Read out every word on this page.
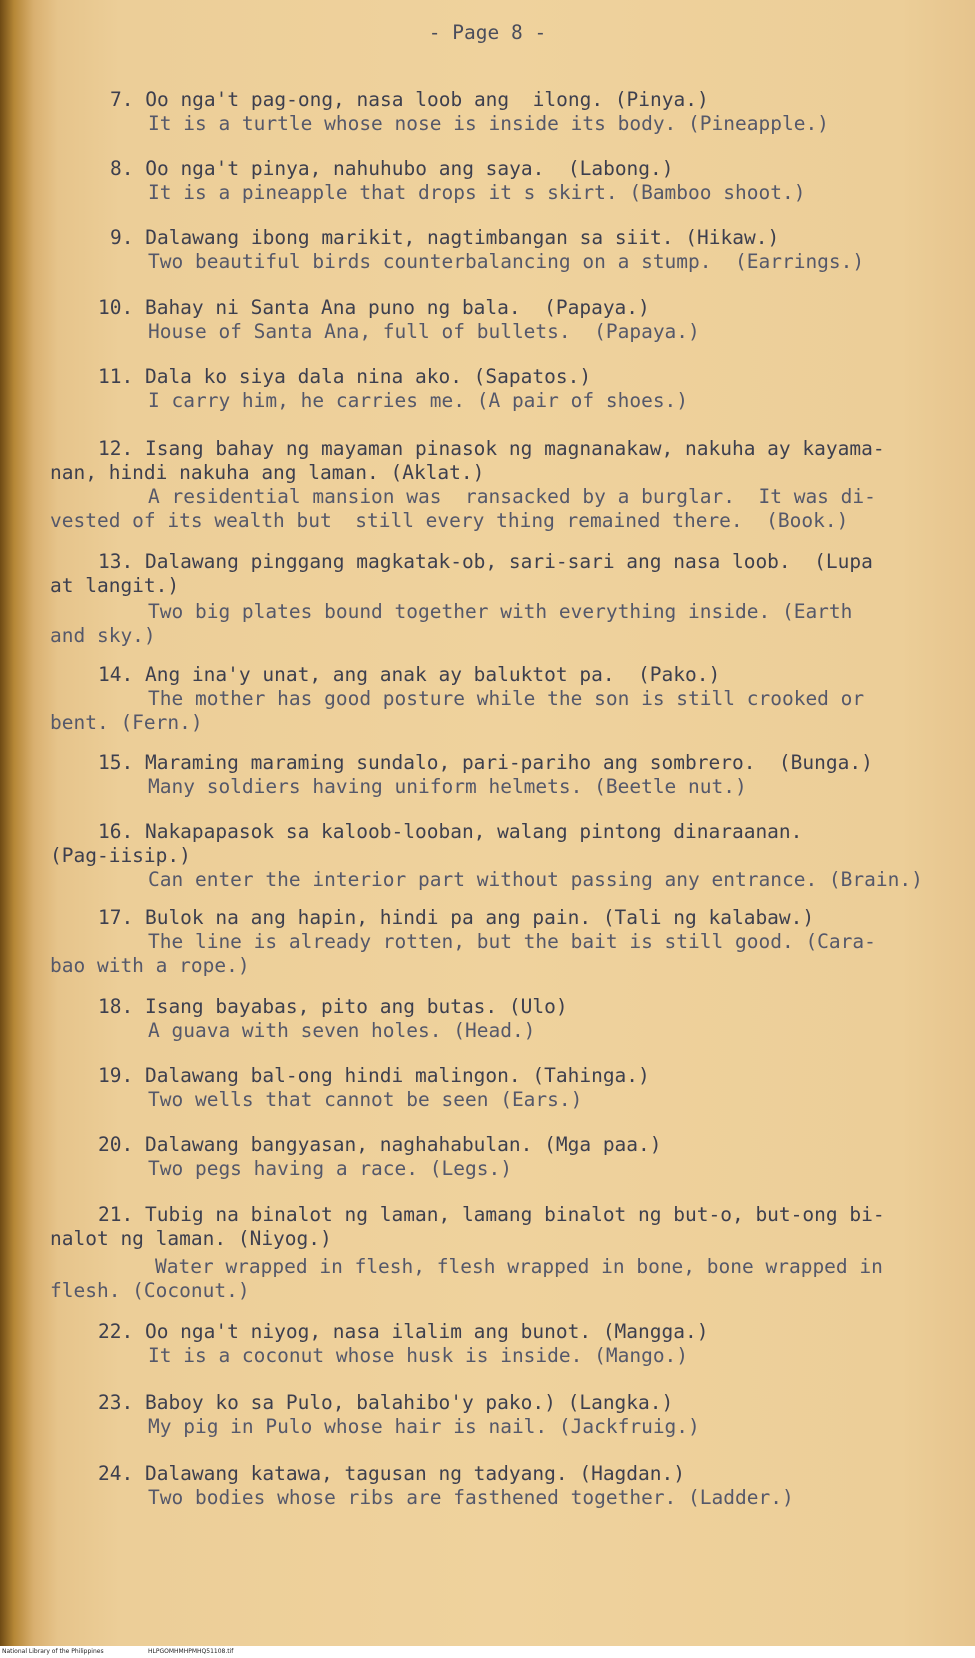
- Page 8 -
7. Oo nga't pag-ong, nasa loob ang  ilong. (Pinya.)
It is a turtle whose nose is inside its body. (Pineapple.)
8. Oo nga't pinya, nahuhubo ang saya.  (Labong.)
It is a pineapple that drops it s skirt. (Bamboo shoot.)
9. Dalawang ibong marikit, nagtimbangan sa siit. (Hikaw.)
Two beautiful birds counterbalancing on a stump.  (Earrings.)
10. Bahay ni Santa Ana puno ng bala.  (Papaya.)
House of Santa Ana, full of bullets.  (Papaya.)
11. Dala ko siya dala nina ako. (Sapatos.)
I carry him, he carries me. (A pair of shoes.)
12. Isang bahay ng mayaman pinasok ng magnanakaw, nakuha ay kayama-
nan, hindi nakuha ang laman. (Aklat.)
A residential mansion was  ransacked by a burglar.  It was di-
vested of its wealth but  still every thing remained there.  (Book.)
13. Dalawang pinggang magkatak-ob, sari-sari ang nasa loob.  (Lupa
at langit.)
Two big plates bound together with everything inside. (Earth
and sky.)
14. Ang ina'y unat, ang anak ay baluktot pa.  (Pako.)
The mother has good posture while the son is still crooked or
bent. (Fern.)
15. Maraming maraming sundalo, pari-pariho ang sombrero.  (Bunga.)
Many soldiers having uniform helmets. (Beetle nut.)
16. Nakapapasok sa kaloob-looban, walang pintong dinaraanan.
(Pag-iisip.)
Can enter the interior part without passing any entrance. (Brain.)
17. Bulok na ang hapin, hindi pa ang pain. (Tali ng kalabaw.)
The line is already rotten, but the bait is still good. (Cara-
bao with a rope.)
18. Isang bayabas, pito ang butas. (Ulo)
A guava with seven holes. (Head.)
19. Dalawang bal-ong hindi malingon. (Tahinga.)
Two wells that cannot be seen (Ears.)
20. Dalawang bangyasan, naghahabulan. (Mga paa.)
Two pegs having a race. (Legs.)
21. Tubig na binalot ng laman, lamang binalot ng but-o, but-ong bi-
nalot ng laman. (Niyog.)
Water wrapped in flesh, flesh wrapped in bone, bone wrapped in
flesh. (Coconut.)
22. Oo nga't niyog, nasa ilalim ang bunot. (Mangga.)
It is a coconut whose husk is inside. (Mango.)
23. Baboy ko sa Pulo, balahibo'y pako.) (Langka.)
My pig in Pulo whose hair is nail. (Jackfruig.)
24. Dalawang katawa, tagusan ng tadyang. (Hagdan.)
Two bodies whose ribs are fasthened together. (Ladder.)
National Library of the Philippines	HLPGOMHMHPMHQ51108.tif
